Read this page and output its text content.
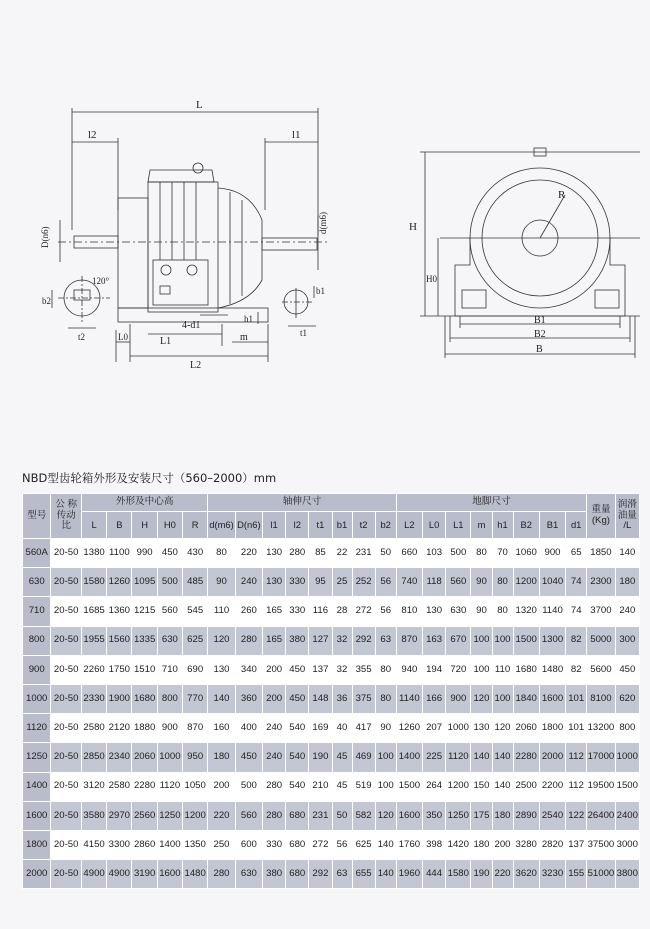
L
l2	l1
D(n6)
d(m6)
120°
b2
t2
4-d1
h1
b1
t1
L0	L1	m
L2
H
R
H0
B1
B2
B
NBD型齿轮箱外形及安装尺寸（560–2000）mm
型号	公 称 传动 比	外形及中心高					轴伸尺寸								地脚尺寸								重量 (Kg)	润滑 油量 /L
		L	B	H	H0	R	d(m6)	D(n6)	l1	l2	t1	b1	t2	b2	L2	L0	L1	m	h1	B2	B1	d1		
560A	20-50	1380	1100	990	450	430	80	220	130	280	85	22	231	50	660	103	500	80	70	1060	900	65	1850	140
630	20-50	1580	1260	1095	500	485	90	240	130	330	95	25	252	56	740	118	560	90	80	1200	1040	74	2300	180
710	20-50	1685	1360	1215	560	545	110	260	165	330	116	28	272	56	810	130	630	90	80	1320	1140	74	3700	240
800	20-50	1955	1560	1335	630	625	120	280	165	380	127	32	292	63	870	163	670	100	100	1500	1300	82	5000	300
900	20-50	2260	1750	1510	710	690	130	340	200	450	137	32	355	80	940	194	720	100	110	1680	1480	82	5600	450
1000	20-50	2330	1900	1680	800	770	140	360	200	450	148	36	375	80	1140	166	900	120	100	1840	1600	101	8100	620
1120	20-50	2580	2120	1880	900	870	160	400	240	540	169	40	417	90	1260	207	1000	130	120	2060	1800	101	13200	800
1250	20-50	2850	2340	2060	1000	950	180	450	240	540	190	45	469	100	1400	225	1120	140	140	2280	2000	112	17000	1000
1400	20-50	3120	2580	2280	1120	1050	200	500	280	540	210	45	519	100	1500	264	1200	150	140	2500	2200	112	19500	1500
1600	20-50	3580	2970	2560	1250	1200	220	560	280	680	231	50	582	120	1600	350	1250	175	180	2890	2540	122	26400	2400
1800	20-50	4150	3300	2860	1400	1350	250	600	330	680	272	56	625	140	1760	398	1420	180	200	3280	2820	137	37500	3000
2000	20-50	4900	4900	3190	1600	1480	280	630	380	680	292	63	655	140	1960	444	1580	190	220	3620	3230	155	51000	3800
